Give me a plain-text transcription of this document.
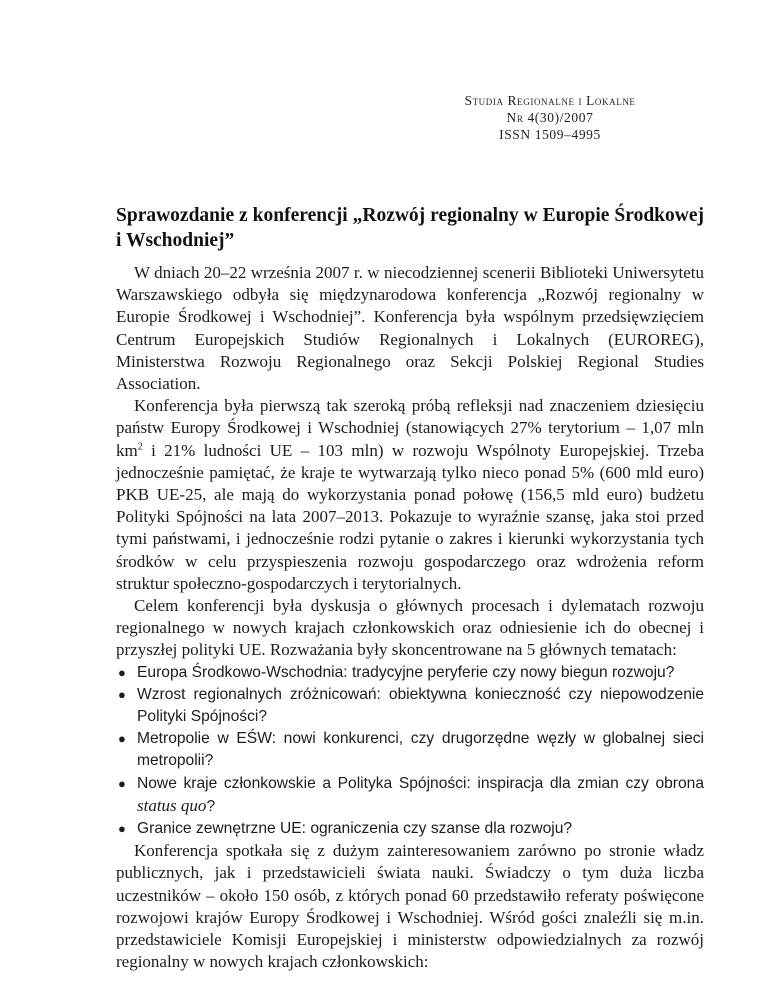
Studia Regionalne i Lokalne
Nr 4(30)/2007
ISSN 1509–4995
Sprawozdanie z konferencji „Rozwój regionalny w Europie Środkowej i Wschodniej”

W dniach 20–22 września 2007 r. w niecodziennej scenerii Biblioteki Uniwersytetu Warszawskiego odbyła się międzynarodowa konferencja „Rozwój regionalny w Europie Środkowej i Wschodniej”. Konferencja była wspólnym przedsięwzięciem Centrum Europejskich Studiów Regionalnych i Lokalnych (EUROREG), Ministerstwa Rozwoju Regionalnego oraz Sekcji Polskiej Regional Studies Association.

Konferencja była pierwszą tak szeroką próbą refleksji nad znaczeniem dziesięciu państw Europy Środkowej i Wschodniej (stanowiących 27% terytorium – 1,07 mln $km^2$ i 21% ludności UE – 103 mln) w rozwoju Wspólnoty Europejskiej. Trzeba jednocześnie pamiętać, że kraje te wytwarzają tylko nieco ponad 5% (600 mld euro) PKB UE-25, ale mają do wykorzystania ponad połowę (156,5 mld euro) budżetu Polityki Spójności na lata 2007–2013. Pokazuje to wyraźnie szansę, jaka stoi przed tymi państwami, i jednocześnie rodzi pytanie o zakres i kierunki wykorzystania tych środków w celu przyspieszenia rozwoju gospodarczego oraz wdrożenia reform struktur społeczno-gospodarczych i terytorialnych.

Celem konferencji była dyskusja o głównych procesach i dylematach rozwoju regionalnego w nowych krajach członkowskich oraz odniesienie ich do obecnej i przyszłej polityki UE. Rozważania były skoncentrowane na 5 głównych tematach:

● Europa Środkowo-Wschodnia: tradycyjne peryferie czy nowy biegun rozwoju?
● Wzrost regionalnych zróżnicowań: obiektywna konieczność czy niepowodzenie Polityki Spójności?
● Metropolie w EŚW: nowi konkurenci, czy drugorzędne węzły w globalnej sieci metropolii?
● Nowe kraje członkowskie a Polityka Spójności: inspiracja dla zmian czy obrona status quo?
● Granice zewnętrzne UE: ograniczenia czy szanse dla rozwoju?

Konferencja spotkała się z dużym zainteresowaniem zarówno po stronie władz publicznych, jak i przedstawicieli świata nauki. Świadczy o tym duża liczba uczestników – około 150 osób, z których ponad 60 przedstawiło referaty poświęcone rozwojowi krajów Europy Środkowej i Wschodniej. Wśród gości znaleźli się m.in. przedstawiciele Komisji Europejskiej i ministerstw odpowiedzialnych za rozwój regionalny w nowych krajach członkowskich:
